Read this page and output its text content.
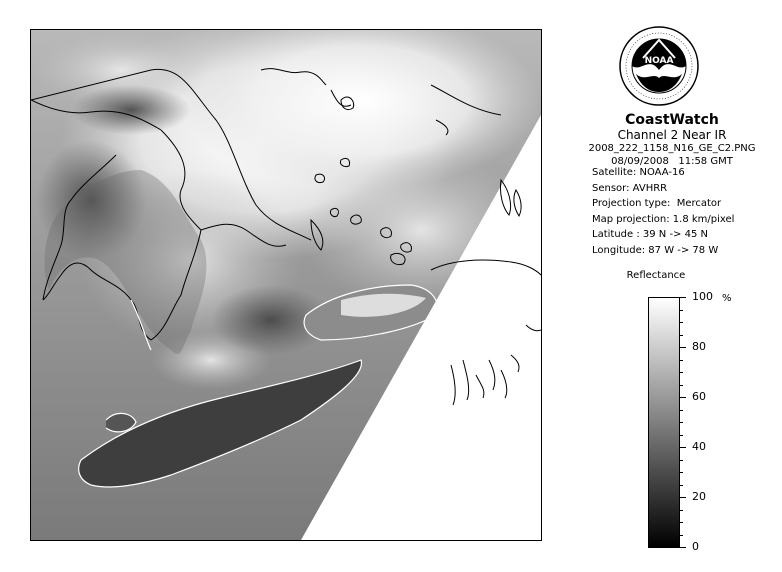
NOAA
CoastWatch
Channel 2 Near IR
2008_222_1158_N16_GE_C2.PNG
08/09/2008   11:58 GMT
Satellite: NOAA-16
Sensor: AVHRR
Projection type:  Mercator
Map projection: 1.8 km/pixel
Latitude : 39 N -> 45 N
Longitude: 87 W -> 78 W
Reflectance
%
100
80
60
40
20
0
